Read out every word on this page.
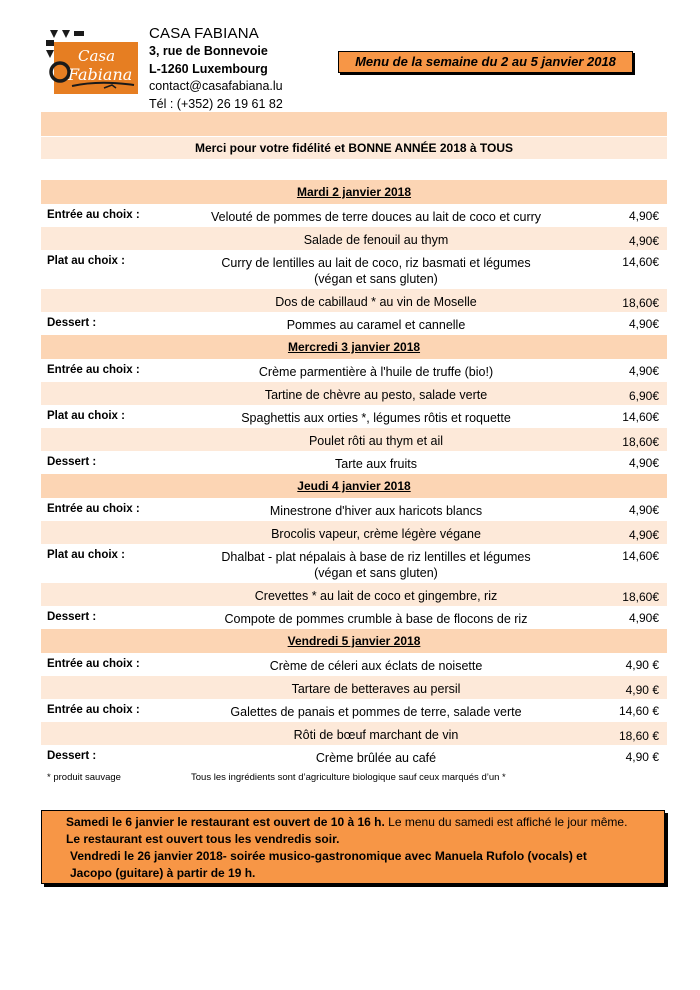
Casa
Fabiana
CASA FABIANA
3, rue de Bonnevoie
L-1260 Luxembourg
contact@casafabiana.lu
Tél : (+352) 26 19 61 82
Menu de la semaine du 2 au 5 janvier 2018
Merci pour votre fidélité et BONNE ANNÉE 2018 à TOUS
Mardi 2 janvier 2018
Entrée au choix :	Velouté de pommes de terre douces au lait de coco et curry	4,90€
Salade de fenouil au thym	4,90€
Plat au choix :	Curry de lentilles au lait de coco, riz basmati et légumes
(végan et sans gluten)
14,60€
Dos de cabillaud * au vin de Moselle	18,60€
Dessert :	Pommes au caramel et cannelle	4,90€
Mercredi 3 janvier 2018
Entrée au choix :	Crème parmentière à l'huile de truffe (bio!)	4,90€
Tartine de chèvre au pesto, salade verte	6,90€
Plat au choix :	Spaghettis aux orties *, légumes rôtis et roquette	14,60€
Poulet rôti au thym et ail	18,60€
Dessert :	Tarte aux fruits	4,90€
Jeudi 4 janvier 2018
Entrée au choix :	Minestrone d'hiver aux haricots blancs	4,90€
Brocolis vapeur, crème légère végane	4,90€
Plat au choix :	Dhalbat - plat népalais à base de riz lentilles et légumes
(végan et sans gluten)
14,60€
Crevettes * au lait de coco et gingembre, riz	18,60€
Dessert :	Compote de pommes crumble à base de flocons de riz	4,90€
Vendredi 5 janvier 2018
Entrée au choix :	Crème de céleri aux éclats de noisette	4,90 €
Tartare de betteraves au persil	4,90 €
Entrée au choix :	Galettes de panais et pommes de terre, salade verte	14,60 €
Rôti de bœuf marchant de vin	18,60 €
Dessert :	Crème brûlée au café	4,90 €
* produit sauvage	Tous les ingrédients sont d’agriculture biologique sauf ceux marqués d’un *
Samedi le 6 janvier le restaurant est ouvert de 10 à 16 h. Le menu du samedi est affiché le jour même.
Le restaurant est ouvert tous les vendredis soir.
Vendredi le 26 janvier 2018- soirée musico-gastronomique avec Manuela Rufolo (vocals) et
Jacopo (guitare) à partir de 19 h.
